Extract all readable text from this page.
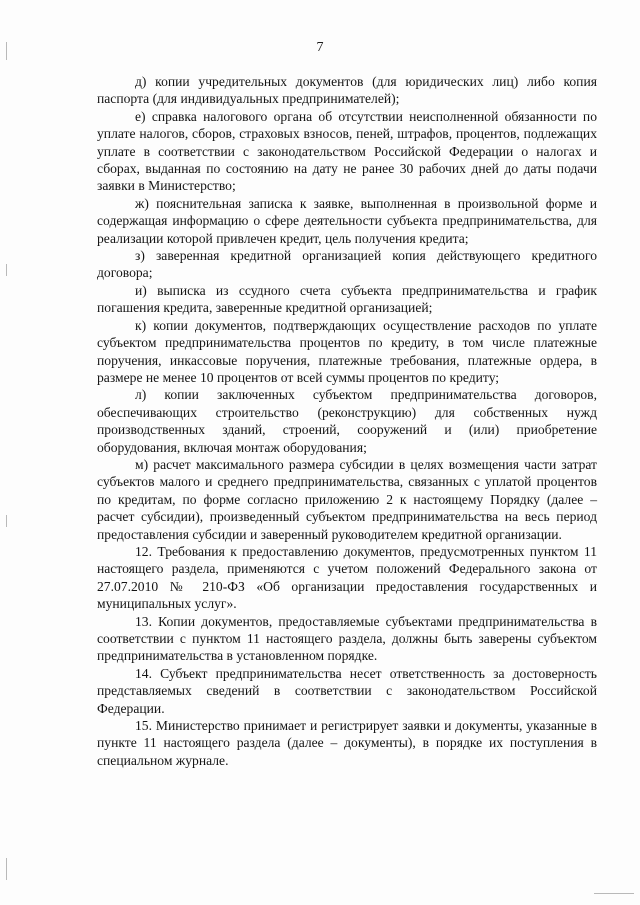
7

д) копии учредительных документов (для юридических лиц) либо копия паспорта (для индивидуальных предпринимателей);

е) справка налогового органа об отсутствии неисполненной обязанности по уплате налогов, сборов, страховых взносов, пеней, штрафов, процентов, подлежащих уплате в соответствии с законодательством Российской Федерации о налогах и сборах, выданная по состоянию на дату не ранее 30 рабочих дней до даты подачи заявки в Министерство;

ж) пояснительная записка к заявке, выполненная в произвольной форме и содержащая информацию о сфере деятельности субъекта предпринимательства, для реализации которой привлечен кредит, цель получения кредита;

з) заверенная кредитной организацией копия действующего кредитного договора;

и) выписка из ссудного счета субъекта предпринимательства и график погашения кредита, заверенные кредитной организацией;

к) копии документов, подтверждающих осуществление расходов по уплате субъектом предпринимательства процентов по кредиту, в том числе платежные поручения, инкассовые поручения, платежные требования, платежные ордера, в размере не менее 10 процентов от всей суммы процентов по кредиту;

л) копии заключенных субъектом предпринимательства договоров, обеспечивающих строительство (реконструкцию) для собственных нужд производственных зданий, строений, сооружений и (или) приобретение оборудования, включая монтаж оборудования;

м) расчет максимального размера субсидии в целях возмещения части затрат субъектов малого и среднего предпринимательства, связанных с уплатой процентов по кредитам, по форме согласно приложению 2 к настоящему Порядку (далее – расчет субсидии), произведенный субъектом предпринимательства на весь период предоставления субсидии и заверенный руководителем кредитной организации.

12. Требования к предоставлению документов, предусмотренных пунктом 11 настоящего раздела, применяются с учетом положений Федерального закона от 27.07.2010 № 210-ФЗ «Об организации предоставления государственных и муниципальных услуг».

13. Копии документов, предоставляемые субъектами предпринимательства в соответствии с пунктом 11 настоящего раздела, должны быть заверены субъектом предпринимательства в установленном порядке.

14. Субъект предпринимательства несет ответственность за достоверность представляемых сведений в соответствии с законодательством Российской Федерации.

15. Министерство принимает и регистрирует заявки и документы, указанные в пункте 11 настоящего раздела (далее – документы), в порядке их поступления в специальном журнале.
